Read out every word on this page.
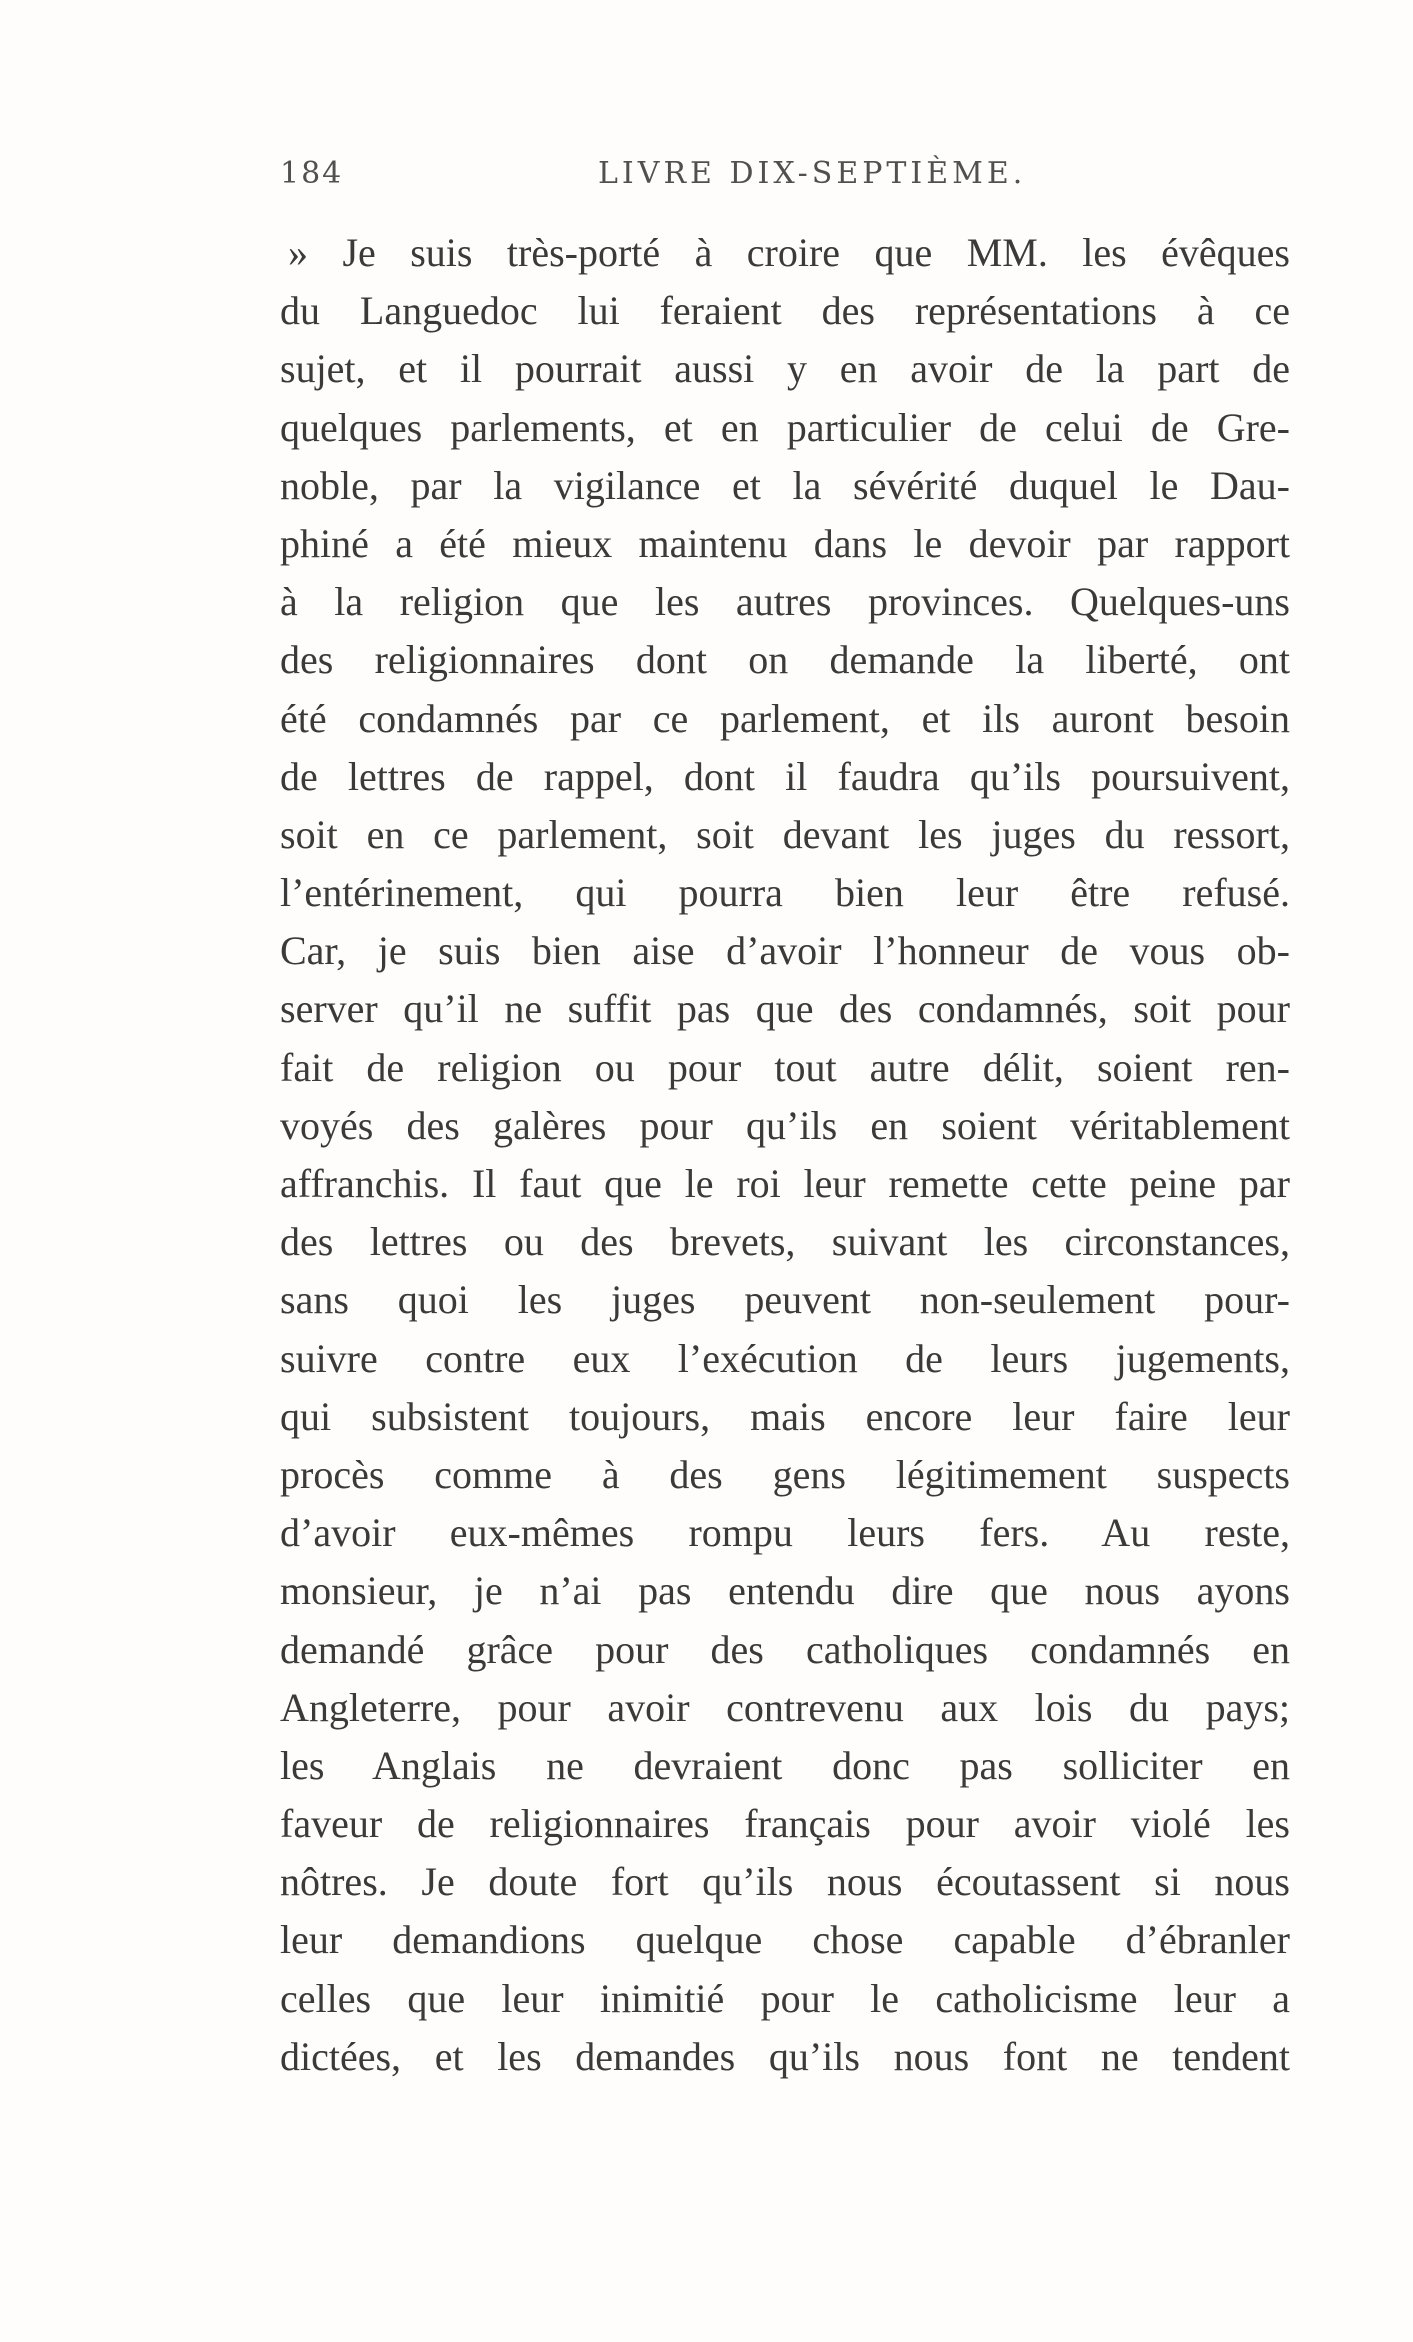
184	LIVRE DIX-SEPTIÈME.
» Je suis très-porté à croire que MM. les évêques
du Languedoc lui feraient des représentations à ce
sujet, et il pourrait aussi y en avoir de la part de
quelques parlements, et en particulier de celui de Gre-
noble, par la vigilance et la sévérité duquel le Dau-
phiné a été mieux maintenu dans le devoir par rapport
à la religion que les autres provinces. Quelques-uns
des religionnaires dont on demande la liberté, ont
été condamnés par ce parlement, et ils auront besoin
de lettres de rappel, dont il faudra qu’ils poursuivent,
soit en ce parlement, soit devant les juges du ressort,
l’entérinement, qui pourra bien leur être refusé.
Car, je suis bien aise d’avoir l’honneur de vous ob-
server qu’il ne suffit pas que des condamnés, soit pour
fait de religion ou pour tout autre délit, soient ren-
voyés des galères pour qu’ils en soient véritablement
affranchis. Il faut que le roi leur remette cette peine par
des lettres ou des brevets, suivant les circonstances,
sans quoi les juges peuvent non-seulement pour-
suivre contre eux l’exécution de leurs jugements,
qui subsistent toujours, mais encore leur faire leur
procès comme à des gens légitimement suspects
d’avoir eux-mêmes rompu leurs fers. Au reste,
monsieur, je n’ai pas entendu dire que nous ayons
demandé grâce pour des catholiques condamnés en
Angleterre, pour avoir contrevenu aux lois du pays;
les Anglais ne devraient donc pas solliciter en
faveur de religionnaires français pour avoir violé les
nôtres. Je doute fort qu’ils nous écoutassent si nous
leur demandions quelque chose capable d’ébranler
celles que leur inimitié pour le catholicisme leur a
dictées, et les demandes qu’ils nous font ne tendent
